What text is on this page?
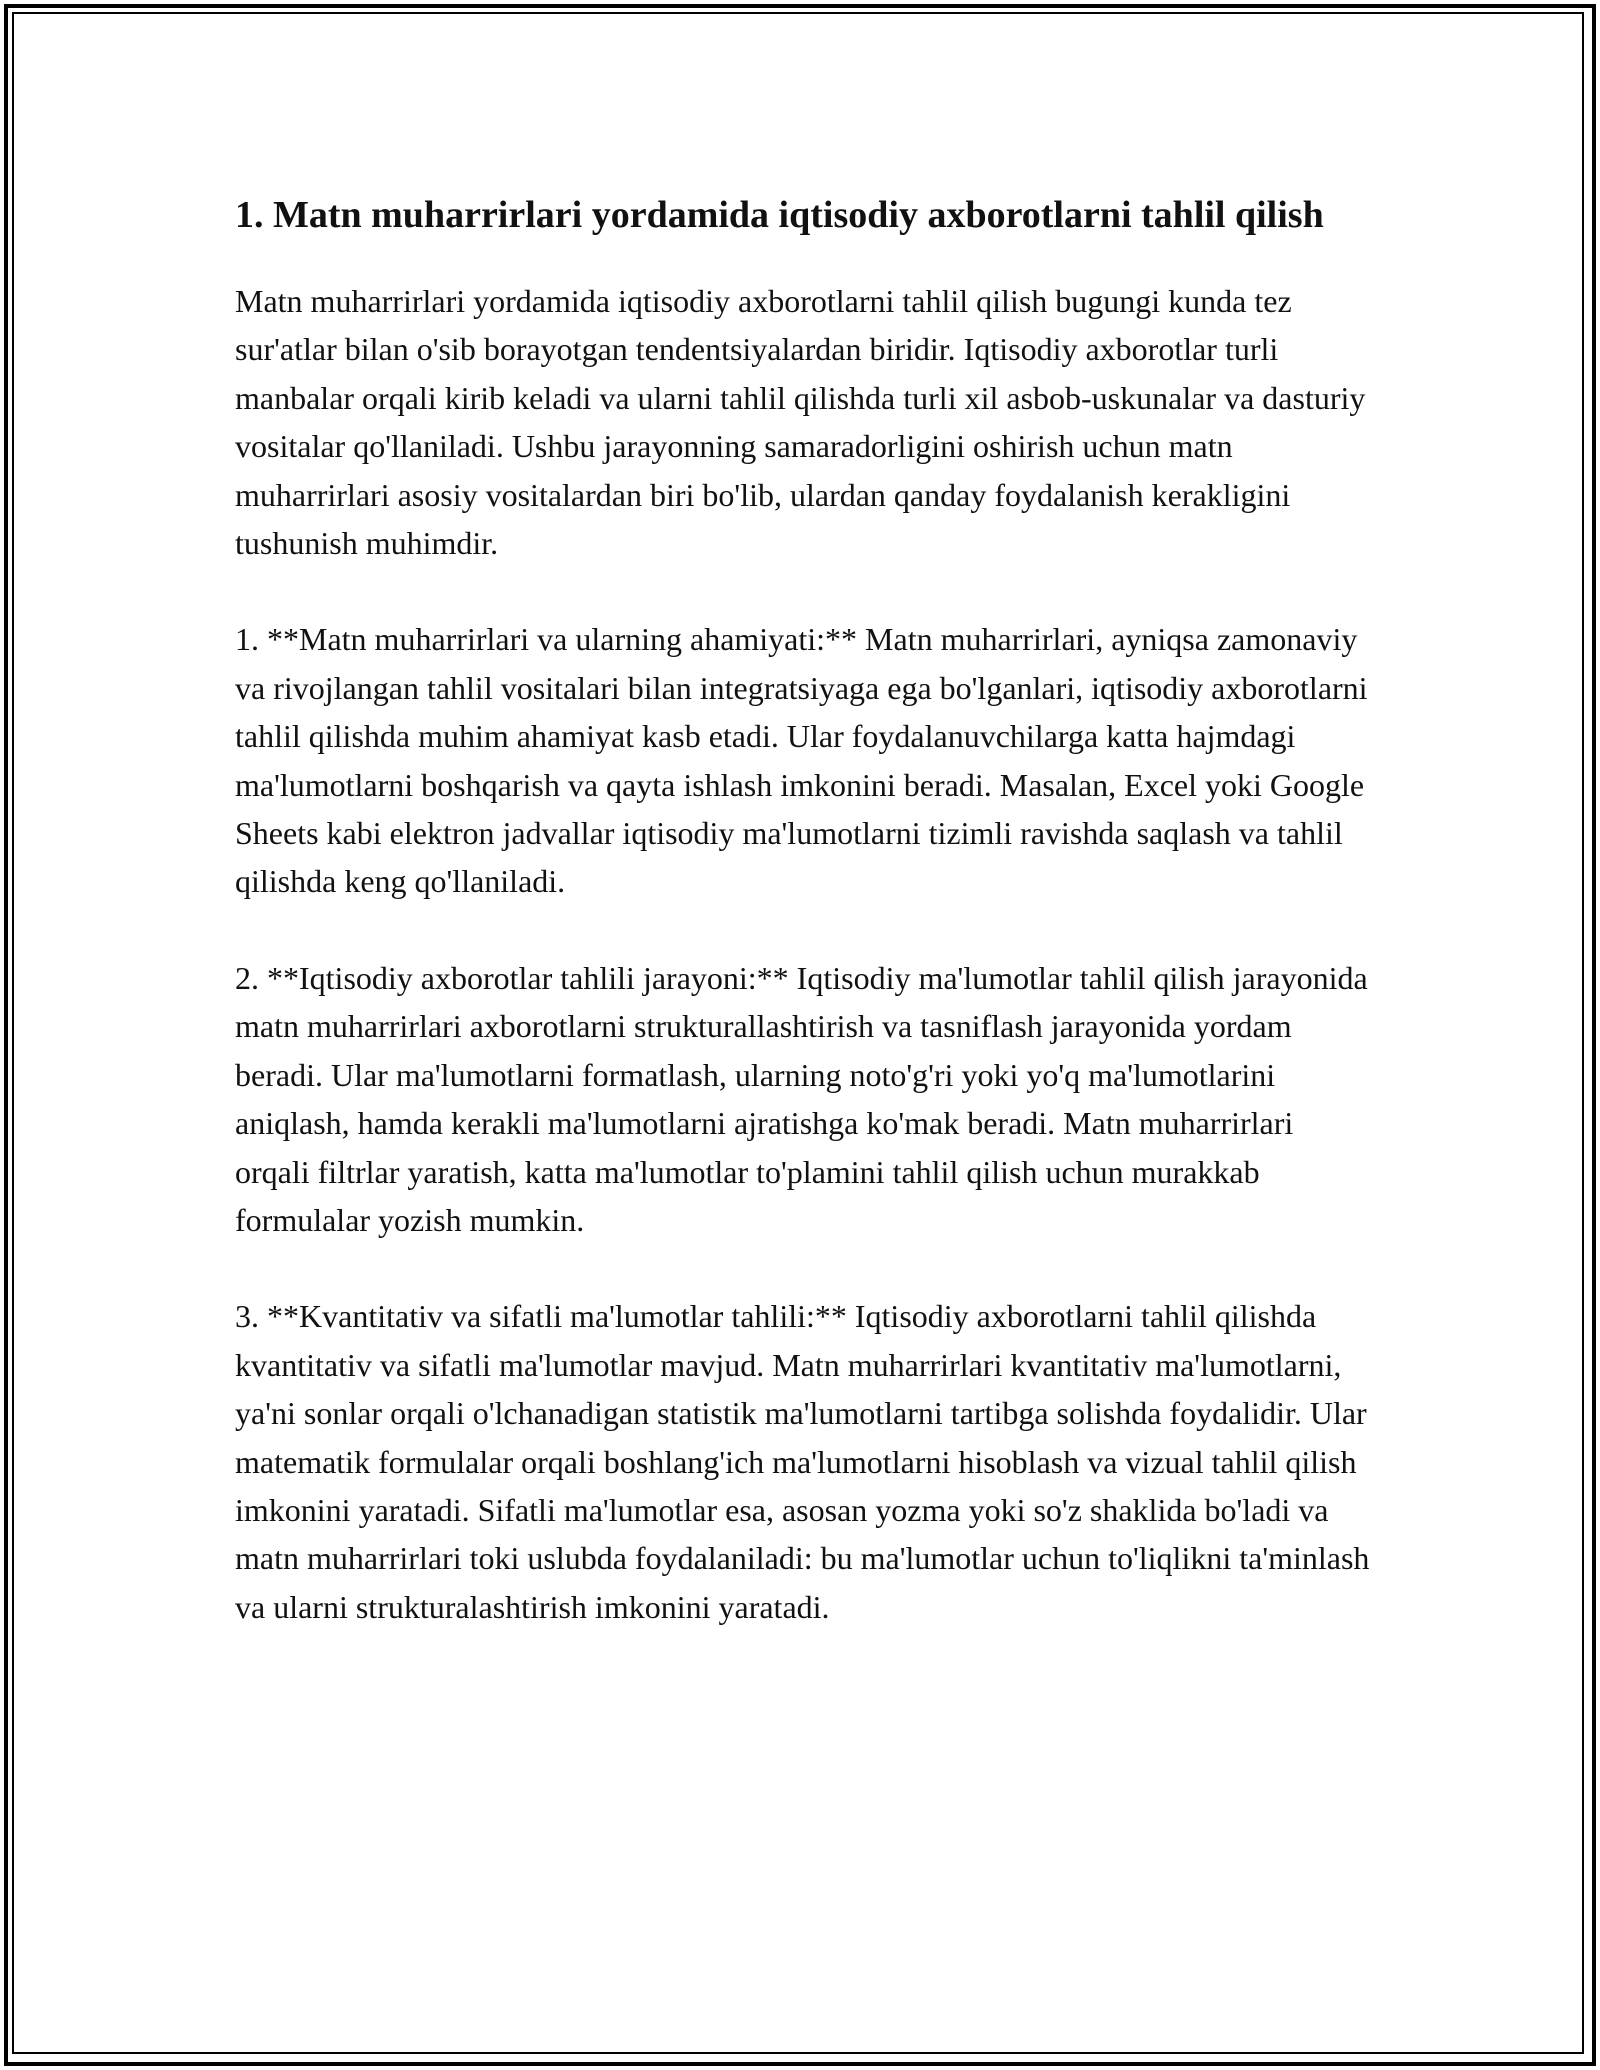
1. Matn muharrirlari yordamida iqtisodiy axborotlarni tahlil qilish

Matn muharrirlari yordamida iqtisodiy axborotlarni tahlil qilish bugungi kunda tez sur'atlar bilan o'sib borayotgan tendentsiyalardan biridir. Iqtisodiy axborotlar turli manbalar orqali kirib keladi va ularni tahlil qilishda turli xil asbob-uskunalar va dasturiy vositalar qo'llaniladi. Ushbu jarayonning samaradorligini oshirish uchun matn muharrirlari asosiy vositalardan biri bo'lib, ulardan qanday foydalanish kerakligini tushunish muhimdir.

1. **Matn muharrirlari va ularning ahamiyati:** Matn muharrirlari, ayniqsa zamonaviy va rivojlangan tahlil vositalari bilan integratsiyaga ega bo'lganlari, iqtisodiy axborotlarni tahlil qilishda muhim ahamiyat kasb etadi. Ular foydalanuvchilarga katta hajmdagi ma'lumotlarni boshqarish va qayta ishlash imkonini beradi. Masalan, Excel yoki Google Sheets kabi elektron jadvallar iqtisodiy ma'lumotlarni tizimli ravishda saqlash va tahlil qilishda keng qo'llaniladi.

2. **Iqtisodiy axborotlar tahlili jarayoni:** Iqtisodiy ma'lumotlar tahlil qilish jarayonida matn muharrirlari axborotlarni strukturallashtirish va tasniflash jarayonida yordam beradi. Ular ma'lumotlarni formatlash, ularning noto'g'ri yoki yo'q ma'lumotlarini aniqlash, hamda kerakli ma'lumotlarni ajratishga ko'mak beradi. Matn muharrirlari orqali filtrlar yaratish, katta ma'lumotlar to'plamini tahlil qilish uchun murakkab formulalar yozish mumkin.

3. **Kvantitativ va sifatli ma'lumotlar tahlili:** Iqtisodiy axborotlarni tahlil qilishda kvantitativ va sifatli ma'lumotlar mavjud. Matn muharrirlari kvantitativ ma'lumotlarni, ya'ni sonlar orqali o'lchanadigan statistik ma'lumotlarni tartibga solishda foydalidir. Ular matematik formulalar orqali boshlang'ich ma'lumotlarni hisoblash va vizual tahlil qilish imkonini yaratadi. Sifatli ma'lumotlar esa, asosan yozma yoki so'z shaklida bo'ladi va matn muharrirlari toki uslubda foydalaniladi: bu ma'lumotlar uchun to'liqlikni ta'minlash va ularni strukturalashtirish imkonini yaratadi.
